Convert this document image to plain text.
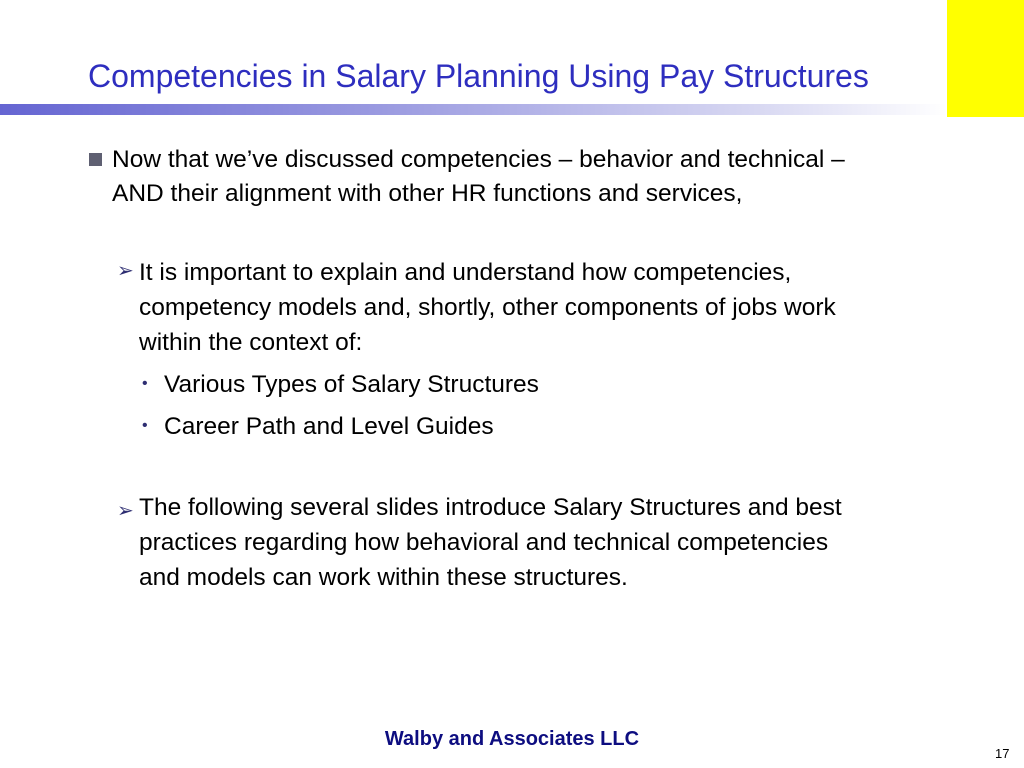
Competencies in Salary Planning Using Pay Structures
Now that we’ve discussed competencies – behavior and technical –
AND their alignment with other HR functions and services,
➢ It is important to explain and understand how competencies,
competency models and, shortly, other components of jobs work
within the context of:
• Various Types of Salary Structures
• Career Path and Level Guides
➢ The following several slides introduce Salary Structures and best
practices regarding how behavioral and technical competencies
and models can work within these structures.
Walby and Associates LLC
17
